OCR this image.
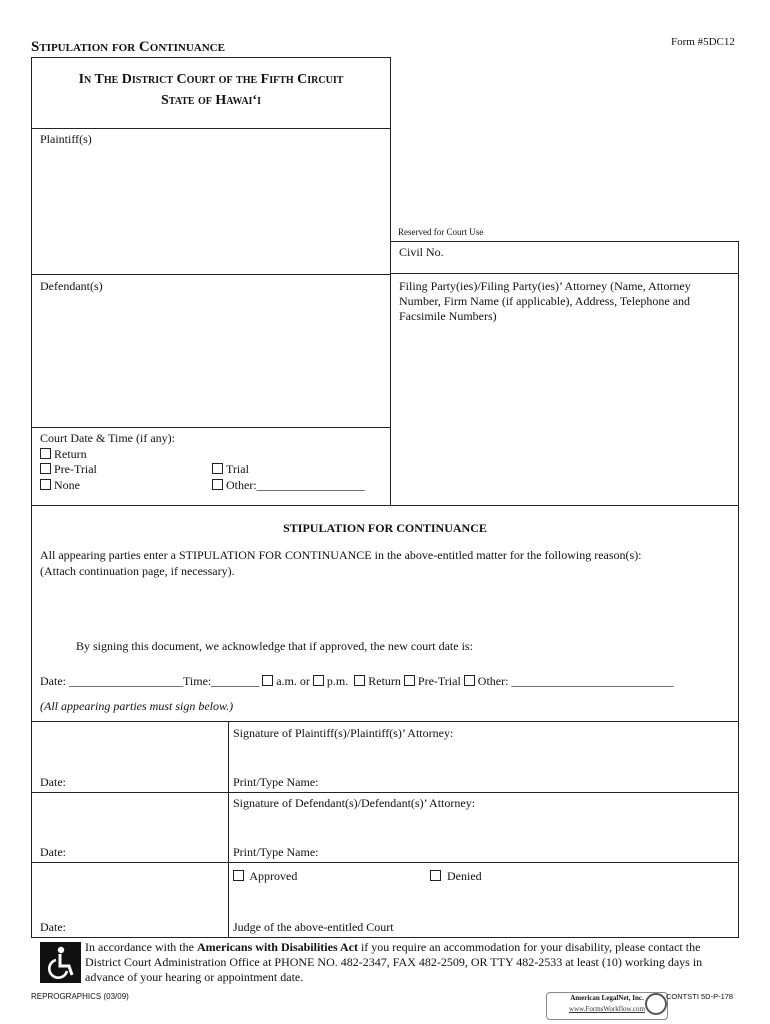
Stipulation for Continuance	Form #5DC12
In The District Court of the Fifth Circuit
State of Hawaiʻi
Plaintiff(s)
Defendant(s)
Court Date & Time (if any):
Return
Pre-Trial
None
Trial
Other:__________________
Reserved for Court Use
Civil No.
Filing Party(ies)/Filing Party(ies)’ Attorney (Name, Attorney Number, Firm Name (if applicable), Address, Telephone and Facsimile Numbers)
STIPULATION FOR CONTINUANCE
All appearing parties enter a STIPULATION FOR CONTINUANCE in the above-entitled matter for the following reason(s):
(Attach continuation page, if necessary).
By signing this document, we acknowledge that if approved, the new court date is:
Date: ___________________Time:________ a.m. or p.m. Return Pre-Trial Other: ___________________________
(All appearing parties must sign below.)
Signature of Plaintiff(s)/Plaintiff(s)’ Attorney:
Date:	Print/Type Name:
Signature of Defendant(s)/Defendant(s)’ Attorney:
Date:	Print/Type Name:
Approved	Denied
Date:	Judge of the above-entitled Court
In accordance with the Americans with Disabilities Act if you require an accommodation for your disability, please contact the District Court Administration Office at PHONE NO. 482-2347, FAX 482-2509, OR TTY 482-2533 at least (10) working days in advance of your hearing or appointment date.
REPROGRAPHICS (03/09)	American LegalNet, Inc.
www.FormsWorkflow.com
CONTSTI 5D-P-178
